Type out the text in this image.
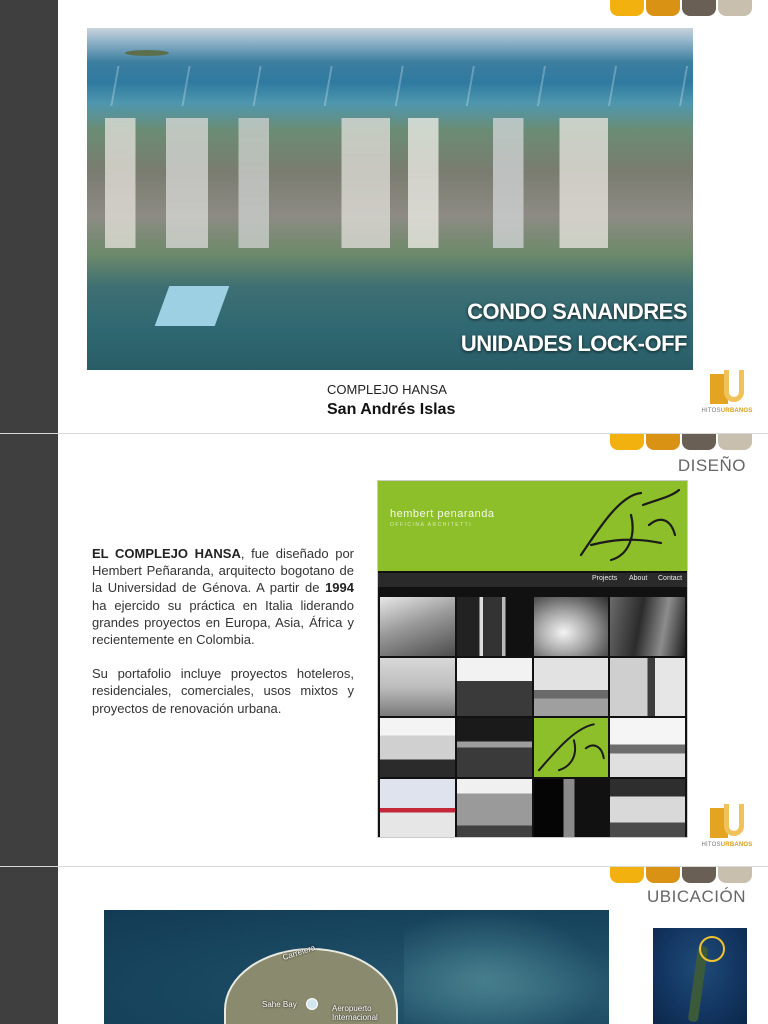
CONDO SANANDRES
UNIDADES LOCK-OFF
COMPLEJO HANSA
San Andrés Islas	HITOSURBANOS
DISEÑO
HITOSURBANOS

EL COMPLEJO HANSA, fue diseñado por Hembert Peñaranda, arquitecto bogotano de la Universidad de Génova. A partir de 1994 ha ejercido su práctica en Italia liderando grandes proyectos en Europa, Asia, África y recientemente en Colombia.

Su portafolio incluye proyectos hoteleros, residenciales, comerciales, usos mixtos y proyectos de renovación urbana.

hembert penaranda
OFFICINA ARCHITETTI
Projects About Contact
UBICACIÓN
Carretera
Sahe Bay	Aeropuerto Internacional
